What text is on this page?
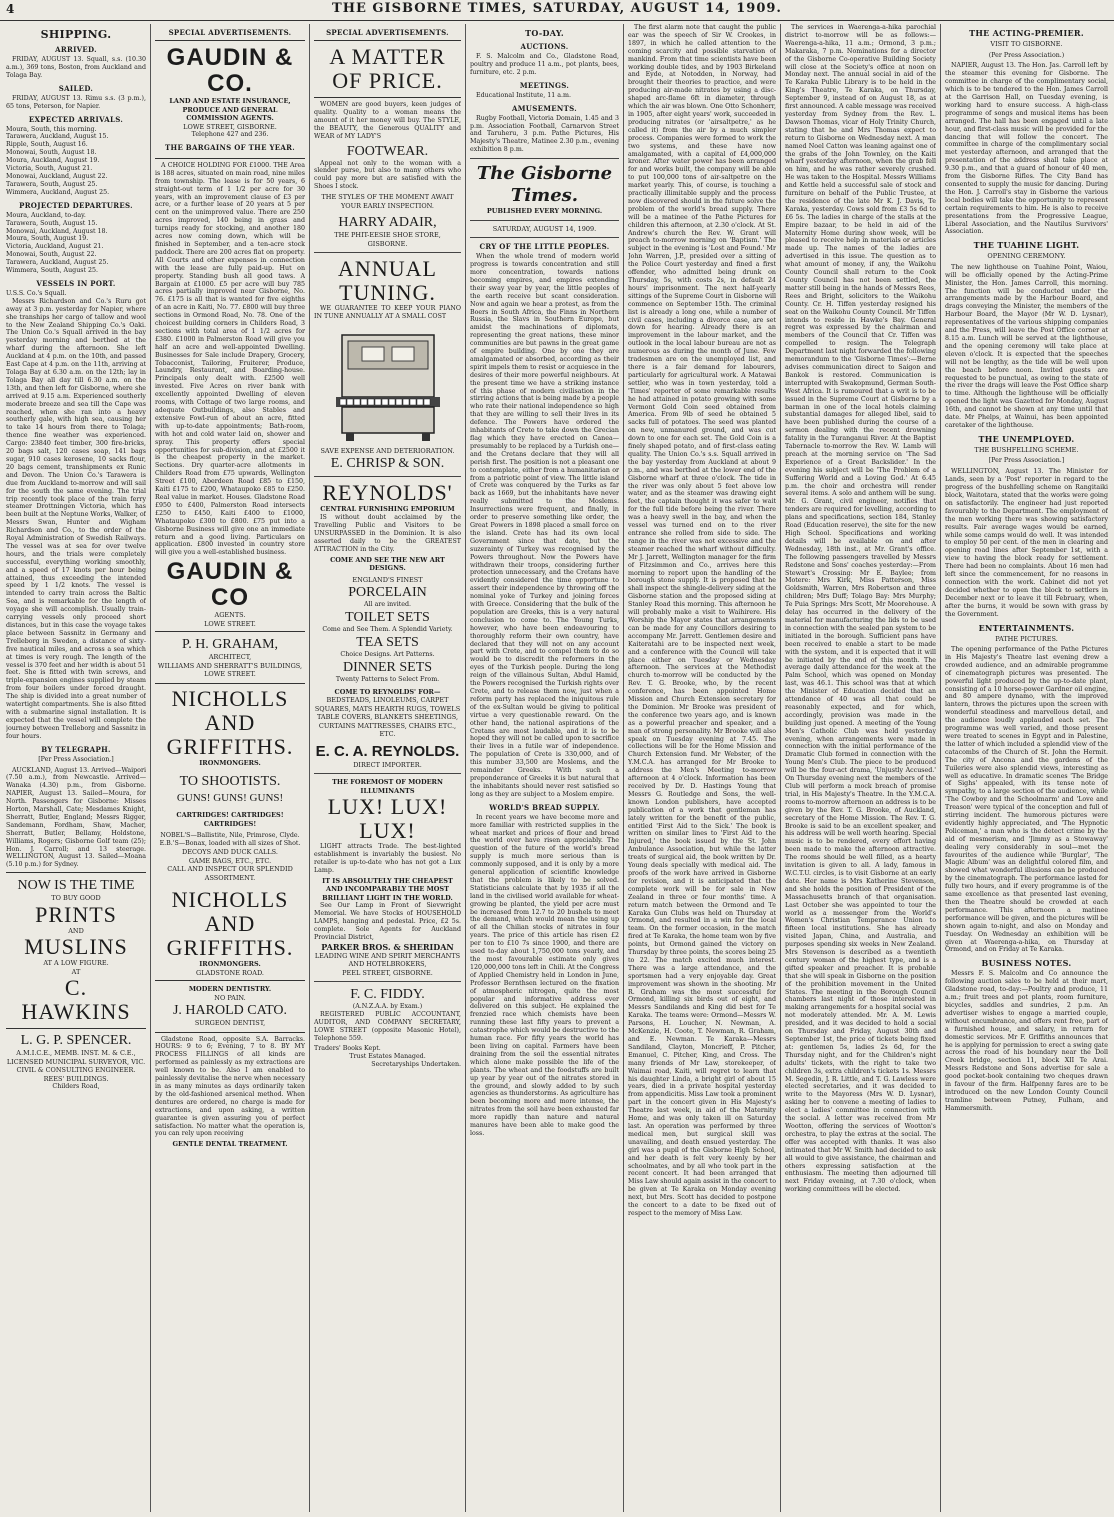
4	THE GISBORNE TIMES, SATURDAY, AUGUST 14, 1909.
SHIPPING.
ARRIVED.

FRIDAY, AUGUST 13. Squall, s.s. (10.30 a.m.), 369 tons, Boston, from Auckland and Tolaga Bay.

SAILED.

FRIDAY, AUGUST 13. Rimu s.s. (3 p.m.), 65 tons, Peterson, for Napier.

EXPECTED ARRIVALS.
Moura, South, this morning.
Tarawera, Auckland, August 15.
Ripple, South, August 16.
Monowai, South, August 18.
Moura, Auckland, August 19.
Victoria, South, August 21.
Monowai, Auckland, August 22.
Tarawera, South, August 25.
Wimmera, Auckland, August 25.
PROJECTED DEPARTURES.
Moura, Auckland, to-day.
Tarawera, South, August 15.
Monowai, Auckland, August 18.
Moura, South, August 19.
Victoria, Auckland, August 21.
Monowai, South, August 22.
Tarawera, Auckland, August 25.
Wimmera, South, August 25.
VESSELS IN PORT.
U.S.S. Co.'s Squall.

Messrs Richardson and Co.'s Ruru got away at 3 p.m. yesterday for Napier, where she tranships her cargo of tallow and wool to the New Zealand Shipping Co.'s Oaki. The Union Co.'s Squall arrived in the bay yesterday morning and berthed at the wharf during the afternoon. She left Auckland at 4 p.m. on the 10th, and passed East Cape at 4 p.m. on the 11th, arriving at Tolaga Bay at 6.30 a.m. on the 12th; lay in Tolaga Bay all day till 6.30 a.m. on the 13th, and then left for Gisborne, where she arrived at 9.15 a.m. Experienced southerly moderate breeze and sea till the Cape was reached, when she ran into a heavy southerly gale, with high sea, causing her to take 14 hours from there to Tolaga; thence fine weather was experienced. Cargo: 23840 feet timber, 300 fire-bricks, 20 bags salt, 120 cases soap, 141 bags sugar, 910 cases kerosene, 10 sacks flour, 20 bags cement, transhipments ex Runic and Devon. The Union Co.'s Tarawera is due from Auckland to-morrow and will sail for the south the same evening. The trial trip recently took place of the train ferry steamer Drottningen Victoria, which has been built at the Neptune Works, Walker, of Messrs Swan, Hunter and Wigham Richardson and Co., to the order of the Royal Administration of Swedish Railways. The vessel was at sea for over twelve hours, and the trials were completely successful, everything working smoothly, and a speed of 17 knots per hour being attained, thus exceeding the intended speed by 1 1/2 knots. The vessel is intended to carry train across the Baltic Sea, and is remarkable for the length of voyage she will accomplish. Usually train-carrying vessels only proceed short distances, but in this case the voyage takes place between Sassnitz in Germany and Trelleborg in Sweden, a distance of sixty-five nautical miles, and across a sea which at times is very rough. The length of the vessel is 370 feet and her width is about 51 feet. She is fitted with twin screws, and triple-expansion engines supplied by steam from four boilers under forced draught. The ship is divided into a great number of watertight compartments. She is also fitted with a submarine signal installation. It is expected that the vessel will complete the journey between Trelleborg and Sassnitz in four hours.

BY TELEGRAPH.
[Per Press Association.]

AUCKLAND, August 13. Arrived—Waipori (7.50 a.m.), from Newcastle. Arrived—Wanaka (4.30) p.m., from Gisborne. NAPIER, August 13. Sailed—Moura, for North. Passengers for Gisborne: Misses Horton, Marshall, Cate; Mesdames Knight, Sherratt, Butler, England; Messrs Rigger, Sandemann, Fordham, Shaw, Macher, Sherratt, Butler, Bellamy, Holdstone, Williams, Rogers; Gisborne Golf team (25); Hon. J. Carroll; and 13 steerage. WELLINGTON, August 13. Sailed—Moana (5.10 p.m.) for Sydney.

NOW IS THE TIME
TO BUY GOOD
PRINTS
AND
MUSLINS
AT A LOW FIGURE.
AT
C. HAWKINS
L. G. P. SPENCER.
A.M.I.C.E., MEMB. INST. M. & C.E.,
LICENSED MUNICIPAL SURVEYOR, VIC.
CIVIL & CONSULTING ENGINEER.
REES' BUILDINGS.
Childers Road,
SPECIAL ADVERTISEMENTS.
GAUDIN & CO.
LAND AND ESTATE INSURANCE, PRODUCE AND GENERAL COMMISSION AGENTS.
LOWE STREET, GISBORNE.
Telephone 427 and 236.
THE BARGAINS OF THE YEAR.

A CHOICE HOLDING FOR £1000. THE Area is 188 acres, situated on main road, nine miles from township. The lease is for 50 years, 6 straight-out term of 1 1/2 per acre for 30 years, with an improvement clause of £3 per acre, or a further lease of 20 years at 5 per cent on the unimproved value. There are 250 acres improved, 140 being in grass and turnips ready for stocking, and another 180 acres now coming down, which will be finished in September, and a ten-acre stock paddock. There are 200 acres flat on property. All Courts and other expenses in connection with the lease are fully paid-up. Hut on property. Standing bush all good taws. A Bargain at £1000. £5 per acre will buy 785 acres partially improved near Gisborne, No. 76. £175 is all that is wanted for five eighths of an acre in Kaiti, No. 77. £800 will buy three sections in Ormond Road, No. 78. One of the choicest building corners in Childers Road, 3 sections with total area of 1 1/2 acres for £380. £1000 in Palmerston Road will give you half an acre and well-appointed Dwelling. Businesses for Sale include Drapery, Grocery, Tobacconist, Tailoring, Fruiterer, Produce, Laundry, Restaurant, and Boarding-house. Principals only dealt with. £2500 well invested. Five Acres on river bank with excellently appointed Dwelling of eleven rooms, with Cottage of two large rooms, and adequate Outbuildings, also Stables and extensive Fowl-run of about an acre, fitted with up-to-date appointments; Bath-room, with hot and cold water laid on, shower and spray. This property offers special opportunities for sub-division, and at £2500 it is the cheapest property in the market. Sections. Dry quarter-acre allotments in Childers Road from £75 upwards, Wellington Street £100, Aberdeen Road £85 to £150, Kaiti £175 to £200, Whataupoko £85 to £250. Real value in market. Houses. Gladstone Road £950 to £400, Palmerston Road intersects £250 to £450, Kaiti £400 to £1000, Whataupoko £300 to £800. £75 put into a Gisborne Business will give one an immediate return and a good living. Particulars on application. £800 invested in country store will give you a well-established business.

GAUDIN & CO
AGENTS.
LOWE STREET.
P. H. GRAHAM,
ARCHITECT,
WILLIAMS AND SHERRATT'S BUILDINGS,
LOWE STREET.
NICHOLLS AND GRIFFITHS.
IRONMONGERS.
TO SHOOTISTS.
GUNS! GUNS! GUNS!
CARTRIDGES! CARTRIDGES! CARTRIDGES!
NOBEL'S—Ballistite, Nile, Primrose, Clyde.
E.B.'S—Bonax, loaded with all sizes of Shot.
DECOYS AND DUCK CALLS.
GAME BAGS, ETC., ETC.
CALL AND INSPECT OUR SPLENDID ASSORTMENT.
NICHOLLS AND GRIFFITHS.
IRONMONGERS.
GLADSTONE ROAD.
MODERN DENTISTRY.
NO PAIN.
J. HAROLD CATO.
SURGEON DENTIST,

Gladstone Road, opposite S.A. Barracks. HOURS: 9 to 6; Evening, 7 to 8. BY MY PROCESS FILLINGS of all kinds are performed as painlessly as my extractions are well known to be. Also I am enabled to painlessly devitalise the nerve when necessary in as many minutes as days ordinarily taken by the old-fashioned arsenical method. When dentures are ordered, no charge is made for extractions, and upon asking, a written guarantee is given assuring you of perfect satisfaction. No matter what the operation is, you can rely upon receiving

GENTLE DENTAL TREATMENT.
SPECIAL ADVERTISEMENTS.
A MATTER OF PRICE.

WOMEN are good buyers, keen judges of quality. Quality to a woman means the amount of it her money will buy. The STYLE, the BEAUTY, the Generous QUALITY and WEAR of MY LADY'S

FOOTWEAR.

Appeal not only to the woman with a slender purse, but also to many others who could pay more but are satisfied with the Shoes I stock.

THE STYLES OF THE MOMENT AWAIT YOUR EARLY INSPECTION.
HARRY ADAIR,
THE PHIT-EESIE SHOE STORE, GISBORNE.
ANNUAL TUNING.

WE GUARANTEE TO KEEP YOUR PIANO IN TUNE ANNUALLY AT A SMALL COST

SAVE EXPENSE AND DETERIORATION.
E. CHRISP & SON.
REYNOLDS'
CENTRAL FURNISHING EMPORIUM

IS without doubt acclaimed by the Travelling Public and Visitors to be UNSURPASSED in the Dominion. It is also asserted daily to be the GREATEST ATTRACTION in the City.

COME AND SEE THE NEW ART DESIGNS.
ENGLAND'S FINEST
PORCELAIN
All are invited.
TOILET SETS
Come and See Them. A Splendid Variety.
TEA SETS
Choice Designs. Art Patterns.
DINNER SETS
Twenty Patterns to Select From.
COME TO REYNOLDS' FOR—
BEDSTEADS, LINOLEUMS, CARPET SQUARES, MATS HEARTH RUGS, TOWELS TABLE COVERS, BLANKETS SHEETINGS, CURTAINS MATTRESSES, CHAIRS ETC., ETC.
E. C. A. REYNOLDS.
DIRECT IMPORTER.
THE FOREMOST OF MODERN ILLUMINANTS
LUX! LUX! LUX!

LIGHT attracts Trade. The best-lighted establishment is invariably the busiest. No retailer is up-to-date who has not got a Lux Lamp.

IT IS ABSOLUTELY THE CHEAPEST AND INCOMPARABLY THE MOST BRILLIANT LIGHT IN THE WORLD.

See Our Lamp in Front of Sievwright Memorial. We have Stocks of HOUSEHOLD LAMPS, hanging and pedestal. Price, £2 5s. complete. Sole Agents for Auckland Provincial District,

PARKER BROS. & SHERIDAN
LEADING WINE AND SPIRIT MERCHANTS AND HOTELBROKERS,
PEEL STREET, GISBORNE.
F. C. FIDDY.
(A.N.Z.A.A. by Exam.)

REGISTERED PUBLIC ACCOUNTANT, AUDITOR, AND COMPANY SECRETARY, LOWE STREET (opposite Masonic Hotel), Telephone 559.

Traders' Books Kept.
Trust Estates Managed.
Secretaryships Undertaken.
TO-DAY.
AUCTIONS.

F. S. Malcolm and Co., Gladstone Road, poultry and produce 11 a.m., pot plants, bees, furniture, etc. 2 p.m.

MEETINGS.

Educational Institute, 11 a.m.

AMUSEMENTS.

Rugby Football, Victoria Domain, 1.45 and 3 p.m. Association Football, Carnarvon Street and Taruheru, 3 p.m. Pathe Pictures, His Majesty's Theatre, Matinee 2.30 p.m., evening exhibition 8 p.m.

The Gisborne Times.
PUBLISHED EVERY MORNING.
SATURDAY, AUGUST 14, 1909.
CRY OF THE LITTLE PEOPLES.

When the whole trend of modern world progress is towards concentration and still more concentration, towards nations becoming empires, and empires extending their sway year by year, the little peoples of the earth receive but scant consideration. Now and again we hear a protest, as from the Boers in South Africa, the Finns in Northern Russia, the Slavs in Southern Europe, but amidst the machinations of diplomats, representing the great nations, these minor communities are but pawns in the great game of empire building. One by one they are amalgamated or absorbed, according as their spirit impels them to resist or acquiesce in the desires of their more powerful neighbours. At the present time we have a striking instance of this phase of modern civilisation in the stirring actions that is being made by a people who rate their national independence so high that they are willing to sell their lives in its defence. The Powers have ordered the inhabitants of Crete to take down the Grecian flag which they have erected on Canea—presumably to be replaced by a Turkish one—and the Cretans declare that they will all perish first. The position is not a pleasant one to contemplate, either from a humanitarian or from a patriotic point of view. The little island of Crete was conquered by the Turks as far back as 1669, but the inhabitants have never really submitted to the Moslems. Insurrections were frequent, and finally, in order to preserve something like order, the Great Powers in 1898 placed a small force on the island. Crete has had its own local Government since that date, but the suzerainty of Turkey was recognised by the Powers throughout. Now the Powers have withdrawn their troops, considering further protection unnecessary, and the Cretans have evidently considered the time opportune to assert their independence by throwing off the nominal yoke of Turkey and joining forces with Greece. Considering that the bulk of the population are Greeks, this is a very natural conclusion to come to. The Young Turks, however, who have been endeavouring to thoroughly reform their own country, have declared that they will not on any account part with Crete, and to compel them to do so would be to discredit the reformers in the eyes of the Turkish people. During the long reign of the villainous Sultan, Abdul Hamid, the Powers recognised the Turkish rights over Crete, and to release them now, just when a reform party has replaced the iniquitous rule of the ex-Sultan would be giving to political virtue a very questionable reward. On the other hand, the national aspirations of the Cretans are most laudable, and it is to be hoped they will not be called upon to sacrifice their lives in a futile war of independence. The population of Crete is 330,000, and of this number 33,500 are Moslems, and the remainder Greeks. With such a preponderance of Greeks it is but natural that the inhabitants should never rest satisfied so long as they are subject to a Moslem empire.

WORLD'S BREAD SUPPLY.

In recent years we have become more and more familiar with restricted supplies in the wheat market and prices of flour and bread the world over have risen appreciably. The question of the future of the world's bread supply is much more serious than is commonly supposed, and it is only by a more general application of scientific knowledge that the problem is likely to be solved. Statisticians calculate that by 1935 if all the land in the civilised world available for wheat-growing be planted, the yield per acre must be increased from 12.7 to 20 bushels to meet the demand, which would mean the using up of all the Chilian stocks of nitrates in four years. The price of this article has risen £2 per ton to £10 7s since 1900, and there are used to-day about 1,750,000 tons yearly, and the most favourable estimate only gives 120,000,000 tons left in Chili. At the Congress of Applied Chemistry held in London in June, Professor Bernthsen lectured on the fixation of atmospheric nitrogen, quite the most popular and informative address ever delivered on this subject. He explained the frenzied race which chemists have been running these last fifty years to prevent a catastrophe which would be destructive to the human race. For fifty years the world has been living on capital. Farmers have been draining from the soil the essential nitrates which alone make possible the life of the plants. The wheat and the foodstuffs are built up year by year out of the nitrates stored in the ground, and slowly added to by such agencies as thunderstorms. As agriculture has been becoming more and more intense, the nitrates from the soil have been exhausted far more rapidly than nature and natural manures have been able to make good the loss.

The first alarm note that caught the public ear was the speech of Sir W. Crookes, in 1897, in which he called attention to the coming scarcity and possible starvation of mankind. From that time scientists have been working double tides, and by 1903 Birkeland and Eyde, at Notodden, in Norway, had brought their theories to practice, and were producing air-made nitrates by using a disc-shaped arc-flame 6ft in diameter, through which the air was blown. One Otto Schonherr, in 1905, after eight years' work, succeeded in producing nitrates (or 'airsaltpetre,' as he called it) from the air by a much simpler process. Companies were formed to work the two systems, and these have now amalgamated, with a capital of £4,000,000 kroner. After water power has been arranged for and works built, the company will be able to put 100,000 tons of air-saltpetre on the market yearly. This, of course, is touching a practically illimitable supply and the process now discovered should in the future solve the problem of the world's bread supply. There will be a matinee of the Pathe Pictures for children this afternoon, at 2.30 o'clock. At St. Andrew's church the Rev. W. Grant will preach to-morrow morning on 'Baptism.' The subject in the evening is 'Lost and Found.' Mr John Warren, J.P., presided over a sitting of the Police Court yesterday and fined a first offender, who admitted being drunk on Thursday, 5s, with costs 2s, in default 24 hours' imprisonment. The next half-yearly sittings of the Supreme Court in Gisborne will commence on September 15th. The criminal list is already a long one, while a number of civil cases, including a divorce case, are set down for hearing. Already there is an improvement in the labour market, and the outlook in the local labour bureau are not as numerous as during the month of June. Few tradesmen are on the unemployed list, and there is a fair demand for labourers, particularly for agricultural work. A Matawai settler, who was in town yesterday, told a 'Times' reporter of some remarkable results he had attained in potato growing with some Vermont Gold Coin seed obtained from America. From 9lb of seed he obtained 5 sacks full of potatoes. The seed was planted on new, unmanured ground, and was cut down to one for each set. The Gold Coin is a finely shaped potato, and of first-class eating quality. The Union Co.'s s.s. Squall arrived in the bay yesterday from Auckland at about 9 p.m., and was berthed at the lower end of the Gisborne wharf at three o'clock. The tide in the river was only about 5 feet above low water, and as the steamer was drawing eight feet, the captain thought it was safer to wait for the full tide before being the river. There was a heavy swell in the bay, and when the vessel was turned end on to the river entrance she rolled from side to side. The range in the river was not excessive and the steamer reached the wharf without difficulty. Mr J. Jarrett, Wellington manager for the firm of Fitzsimmon and Co., arrives here this morning to report upon the handling of the borough stone supply. It is proposed that he shall inspect the shingle-delivery siding at the Gisborne station and the proposed siding at Stanley Road this morning. This afternoon he will probably make a visit to Waihirere. His Worship the Mayor states that arrangements can be made for any Councillors desiring to accompany Mr. Jarrett. Gentlemen desire and Kaiteratahi are to be inspected next week, and a conference with the Council will take place either on Tuesday or Wednesday afternoon. The services at the Methodist church to-morrow will be conducted by the Rev. T. G. Brooke, who, by the recent conference, has been appointed Home Mission and Church Extension secretary for the Dominion. Mr Brooke was president of the conference two years ago, and is known as a powerful preacher and speaker, and a man of strong personality. Mr Brooke will also speak on Tuesday evening at 7.45. The collections will be for the Home Mission and Church Extension fund. Mr Webster, of the Y.M.C.A. has arranged for Mr Brooke to address the Men's Meeting to-morrow afternoon at 4 o'clock. Information has been received by Dr. D. Hastings Young that Messrs G. Routledge and Sons, the well-known London publishers, have accepted publication of a work that gentleman has lately written for the benefit of the public, entitled 'First Aid to the Sick.' The book is written on similar lines to 'First Aid to the Injured,' the book issued by the St. John Ambulance Association, but while the latter treats of surgical aid, the book written by Dr. Young deals specially with medical aid. The proofs of the work have arrived in Gisborne for revision, and it is anticipated that the complete work will be for sale in New Zealand in three or four months' time. A return match between the Ormond and Te Karaka Gun Clubs was held on Thursday at Ormond, and resulted in a win for the local team. On the former occasion, in the match fired at Te Karaka, the home team won by five points, but Ormond gained the victory on Thursday by three points, the scores being 25 to 22. The match excited much interest. There was a large attendance, and the sportsmen had a very enjoyable day. Great improvement was shown in the shooting. Mr R. Graham was the most successful for Ormond, killing six birds out of eight, and Messrs Sandilands and King did best for Te Karaka. The teams were: Ormond—Messrs W. Parsons, H. Loucher, N. Newman, A. McKenzie, H. Coote, T. Newman, R. Graham, and E. Newman. Te Karaka—Messrs Sandiland, Clayton, Moncrieff, P. Pitcher, Emanuel, C. Pitcher, King, and Cross. The many friends of Mr Law, storekeeper, of Waimai road, Kaiti, will regret to learn that his daughter Linda, a bright girl of about 15 years, died in a private hospital yesterday from appendicitis. Miss Law took a prominent part in the concert given in His Majesty's Theatre last week, in aid of the Maternity Home, and was only taken ill on Saturday last. An operation was performed by three medical men, but surgical skill was unavailing, and death ensued yesterday. The girl was a pupil of the Gisborne High School, and her death is felt very keenly by her schoolmates, and by all who took part in the recent concert. It had been arranged that Miss Law should again assist in the concert to be given at Te Karaka on Monday evening next, but Mrs. Scott has decided to postpone the concert to a date to be fixed out of respect to the memory of Miss Law.

The services in Waerenga-a-hika parochial district to-morrow will be as follows:—Waerenga-a-hika, 11 a.m.; Ormond, 3 p.m.; Makaraka, 7 p.m. Nominations for a director of the Gisborne Co-operative Building Society will close at the Society's office at noon on Monday next. The annual social in aid of the Te Karaka Public Library is to be held in the King's Theatre, Te Karaka, on Thursday, September 9, instead of on August 18, as at first announced. A cable message was received yesterday from Sydney from the Rev. L. Dawson Thomas, vicar of Holy Trinity Church, stating that he and Mrs Thomas expect to return to Gisborne on Wednesday next. A man named Noel Catton was leaning against one of the grabs of the John Townley, on the Kaiti wharf yesterday afternoon, when the grab fell on him, and he was rather severely crushed. He was taken to the Hospital. Messrs Williams and Kettle held a successful sale of stock and furniture on behalf of the Public Trustee, at the residence of the late Mr K. J. Davis, Te Karaka, yesterday. Cows sold from £3 5s 6d to £6 5s. The ladies in charge of the stalls at the Empire bazaar, to be held in aid of the Maternity Home during show week, will be pleased to receive help in materials or articles made up. The names of the ladies are advertised in this issue. The question as to what amount of money, if any, the Waikohu County Council shall return to the Cook County Council has not been settled, the matter still being in the hands of Messrs Rees, Rees and Bright, solicitors to the Waikohu County. Cr. H. Tiffen yesterday resigned his seat on the Waikohu County Council. Mr Tiffen intends to reside in Hawke's Bay. General regret was expressed by the chairman and members of the Council that Cr. Tiffen was compelled to resign. The Telegraph Department last night forwarded the following memorandum to the 'Gisborne Times':—Berne advises communication direct to Saigon and Bankok is restored. Communication is interrupted with Swakopmund, German South-West Africa. It is rumoured that a writ is to be issued in the Supreme Court at Gisborne by a barman in one of the local hotels claiming substantial damages for alleged libel, said to have been published during the course of a sermon dealing with the recent drowning fatality in the Turanganui River. At the Baptist Tabernacle to-morrow the Rev. W. Lamb will preach at the morning service on 'The Sad Experience of a Great Backslider.' In the evening his subject will be 'The Problem of a Suffering World and a Loving God.' At 6.45 p.m. the choir and orchestra will render several items. A solo and anthem will be sung. Mr. G. Grant, civil engineer, notifies that tenders are required for levelling, according to plans and specifications, section 184, Stanley Road (Education reserve), the site for the new High School. Specifications and working details will be available on and after Wednesday, 18th inst., at Mr. Grant's office. The following passengers travelled by Messrs Redstone and Sons' coaches yesterday:—From Stewart's Crossing: Mr E. Baylee; from Motere: Mrs Kirk, Miss Patterson, Miss Goldsmith, Warren, Mrs Robertson and three children; Mrs Duff; Tolago Bay: Mrs Murphy; Te Puia Springs: Mrs Scott, Mr Moorehouse. A delay has occurred in the delivery of the material for manufacturing the lids to be used in connection with the sealed pan system to be initiated in the borough. Sufficient pans have been received to enable a start to be made with the system, and it is expected that it will be initiated by the end of this month. The average daily attendance for the week at the Palm School, which was opened on Monday last, was 46.1. This school was that at which the Minister of Education decided that an attendance of 40 was all that could be reasonably expected, and for which, accordingly, provision was made in the building just opened. A meeting of the Young Men's Catholic Club was held yesterday evening, when arrangements were made in connection with the initial performance of the Dramatic Club formed in connection with the Young Men's Club. The piece to be produced will be the four-act drama, 'Unjustly Accused.' On Thursday evening next the members of the Club will perform a mock breach of promise trial, in His Majesty's Theatre. In the Y.M.C.A. rooms to-morrow afternoon an address is to be given by the Rev. T. G. Brooke, of Auckland, secretary of the Home Mission. The Rev. T. G. Brooke is said to be an excellent speaker, and his address will be well worth hearing. Special music is to be rendered, every effort having been made to make the afternoon attractive. The rooms should be well filled, as a hearty invitation is given to all. A lady, famous in W.C.T.U. circles, is to visit Gisborne at an early date. Her name is Mrs Katherine Stevenson, and she holds the position of President of the Massachusetts branch of that organisation. Last October she was appointed to tour the world as a messenger from the World's Women's Christian Temperance Union to fifteen local institutions. She has already visited Japan, China, and Australia, and purposes spending six weeks in New Zealand. Mrs Stevenson is described as a twentieth century woman of the highest type, and is a gifted speaker and preacher. It is probable that she will speak in Gisborne on the position of the prohibition movement in the United States. The meeting in the Borough Council chambers last night of those interested in making arrangements for a hospital social was not moderately attended. Mr. A. M. Lewis presided, and it was decided to hold a social on Thursday and Friday, August 30th and September 1st, the price of tickets being fixed at: gentlemen 5s, ladies 2s 6d, for the Thursday night, and for the Children's night adults' tickets, with the right to take two children 3s, extra children's tickets 1s. Messrs M. Segedin, J. R. Little, and T. G. Lawless were elected secretaries, and it was decided to write to the Mayoress (Mrs W. D. Lysnar), asking her to convene a meeting of ladies to elect a ladies' committee in connection with the social. A letter was received from Mr Wootton, offering the services of Wootton's orchestra, to play the extras at the social. The offer was accepted with thanks. It was also intimated that Mr W. Smith had decided to ask all would to give assistance, the chairman and others expressing satisfaction at the enthusiasm. The meeting then adjourned till next Friday evening, at 7.30 o'clock, when working committees will be elected.

THE ACTING-PREMIER.
VISIT TO GISBORNE.
(Per Press Association.)

NAPIER, August 13. The Hon. Jas. Carroll left by the steamer this evening for Gisborne. The committee in charge of the complimentary social, which is to be tendered to the Hon. James Carroll at the Garrison Hall, on Tuesday evening, is working hard to ensure success. A high-class programme of songs and musical items has been arranged. The hall has been engaged until a late hour, and first-class music will be provided for the dancing that will follow the concert. The committee in charge of the complimentary social met yesterday afternoon, and arranged that the presentation of the address shall take place at 9.30 p.m., and that a guard of honour of 40 men, from the Gisborne Rifles. The City Band has consented to supply the music for dancing. During the Hon. J. Carroll's stay in Gisborne the various local bodies will take the opportunity to represent certain requirements to him. He is also to receive presentations from the Progressive League, Liberal Association, and the Nautilus Survivors' Association.

THE TUAHINE LIGHT.
OPENING CEREMONY.

The new lighthouse on Tuahine Point, Waiou, will be officially opened by the Acting-Prime Minister, the Hon. James Carroll, this morning. The function will be conducted under the arrangements made by the Harbour Board, and drags conveying the Minister, the members of the Harbour Board, the Mayor (Mr W. D. Lysnar), representatives of the various shipping companies and the Press, will leave the Post Office corner at 8.15 a.m. Lunch will be served at the lighthouse, and the opening ceremony will take place at eleven o'clock. It is expected that the speeches will not be lengthy, as the tide will be well upon the beach before noon. Invited guests are requested to be punctual, as owing to the state of the river the drags will leave the Post Office sharp to time. Although the lighthouse will be officially opened the light was Gazetted for Monday, August 16th, and cannot be shown at any time until that date. Mr Phelps, at Wainui, has been appointed caretaker of the lighthouse.

THE UNEMPLOYED.
THE BUSHFELLING SCHEME.
[Per Press Association.]

WELLINGTON, August 13. The Minister for Lands, seen by a 'Post' reporter in regard to the progress of the bushfelling scheme on Rangitaiki block, Waitotara, stated that the works were going on satisfactorily. The engineer had just reported favourably to the Department. The employment of the men working there was showing satisfactory results. Fair average wages would be earned, while some camps would do well. It was intended to employ 50 per cent. of the men in clearing and opening road lines after September 1st, with a view to having the block ready for settlement. There had been no complaints. About 16 men had left since the commencement, for no reasons in connection with the work. Cabinet did not yet decided whether to open the block to settlers in December next or to leave it till February, when, after the burns, it would be sown with grass by the Government.

ENTERTAINMENTS.
PATHE PICTURES.

The opening performance of the Pathe Pictures in His Majesty's Theatre last evening drew a crowded audience, and an admirable programme of cinematograph pictures was presented. The powerful light produced by the up-to-date plant, consisting of a 10 horse-power Gardner oil engine, and 80 ampere dynamo, with the improved lantern, throws the pictures upon the screen with wonderful steadiness and marvellous detail, and the audience loudly applauded each set. The programme was well varied, and those present were treated to scenes in Egypt and in Palestine, the latter of which included a splendid view of the catacombs of the Church of St. John the Hermit. The city of Ancona and the gardens of the Tuileries were also splendid views, interesting as well as educative. In dramatic scenes 'The Bridge of Sighs' appealed, with its tense note of sympathy, to a large section of the audience, while 'The Cowboy and the Schoolmarm' and 'Love and Treason' were typical of the conception and full of stirring incident. The humorous pictures were evidently highly appreciated, and 'The Hypnotic Policeman,' a man who is the detect crime by the aid of mesmerism, and 'Jimmy as a Stowaway' dealing very considerably in soul—met the favourites of the audience while 'Burglar', 'The Magic Album' was an delightful colored film, and showed what wonderful illusions can be produced by the cinematograph. The performance lasted for fully two hours, and if every programme is of the same excellence as that presented last evening, then the Theatre should be crowded at each performance. This afternoon a matinee performance will be given, and the pictures will be shown again to-night, and also on Monday and Tuesday. On Wednesday an exhibition will be given at Waerenga-a-hika, on Thursday at Ormond, and on Friday at Te Karaka.

BUSINESS NOTES.

Messrs F. S. Malcolm and Co announce the following auction sales to be held at their mart, Gladstone road, to-day:—Poultry and produce, 11 a.m.; fruit trees and pot plants, room furniture, bicycles, saddles and sundries, 2 p.m. An advertiser wishes to engage a married couple, without encumbrance, and offers rent free, part of a furnished house, and salary, in return for domestic services. Mr F. Griffiths announces that he is applying for permission to erect a swing gate across the road of his boundary near the Doll Creek bridge, section 11, block XII Te Arai. Messrs Redstone and Sons advertise for sale a good pocket-book containing two cheques drawn in favour of the firm. Halfpenny fares are to be introduced on the new London County Council tramline between Putney, Fulham, and Hammersmith.
